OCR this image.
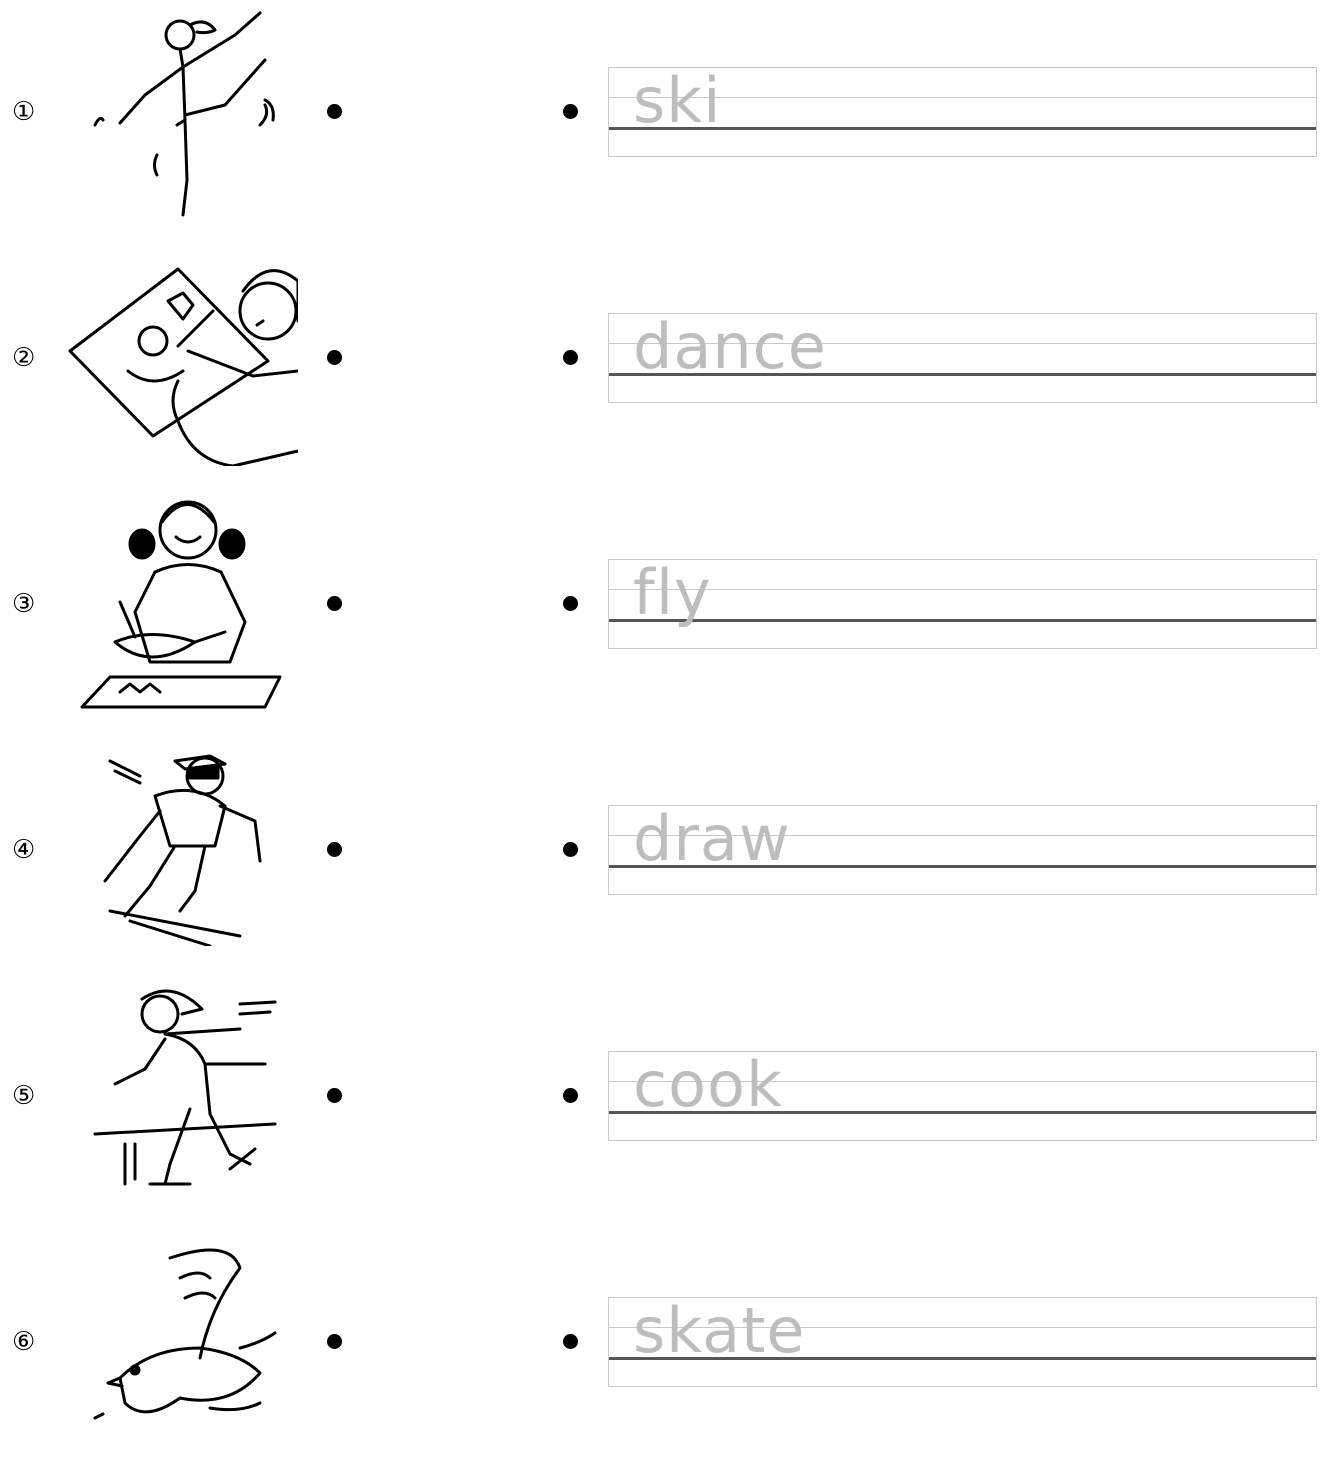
①	ski
②	dance
③	fly
④	draw
⑤	cook
⑥	skate
